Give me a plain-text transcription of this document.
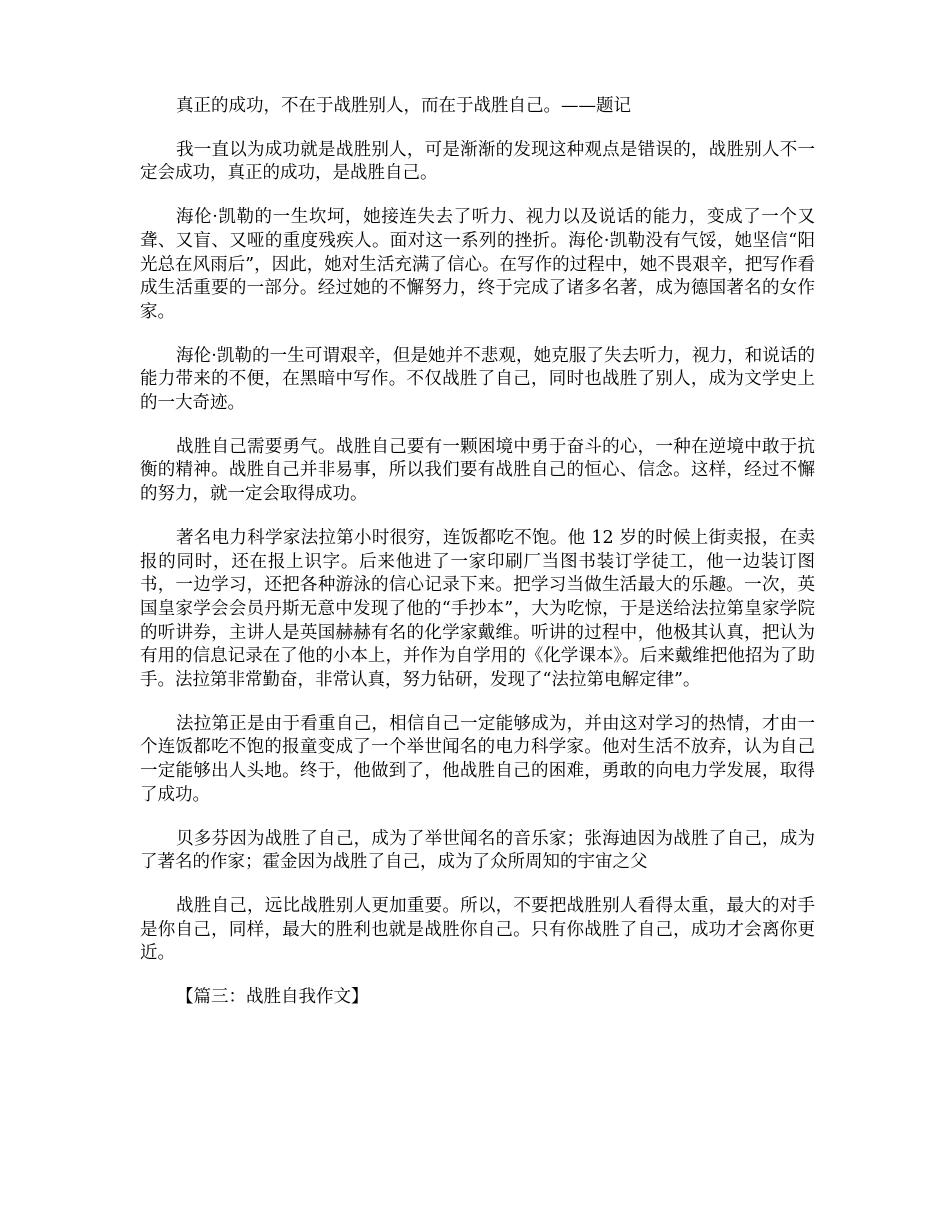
真正的成功，不在于战胜别人，而在于战胜自己。——题记

我一直以为成功就是战胜别人，可是渐渐的发现这种观点是错误的，战胜别人不一定会成功，真正的成功，是战胜自己。

海伦·凯勒的一生坎坷，她接连失去了听力、视力以及说话的能力，变成了一个又聋、又盲、又哑的重度残疾人。面对这一系列的挫折。海伦·凯勒没有气馁，她坚信“阳光总在风雨后”，因此，她对生活充满了信心。在写作的过程中，她不畏艰辛，把写作看成生活重要的一部分。经过她的不懈努力，终于完成了诸多名著，成为德国著名的女作家。

海伦·凯勒的一生可谓艰辛，但是她并不悲观，她克服了失去听力，视力，和说话的能力带来的不便，在黑暗中写作。不仅战胜了自己，同时也战胜了别人，成为文学史上的一大奇迹。

战胜自己需要勇气。战胜自己要有一颗困境中勇于奋斗的心，一种在逆境中敢于抗衡的精神。战胜自己并非易事，所以我们要有战胜自己的恒心、信念。这样，经过不懈的努力，就一定会取得成功。

著名电力科学家法拉第小时很穷，连饭都吃不饱。他 12 岁的时候上街卖报，在卖报的同时，还在报上识字。后来他进了一家印刷厂当图书装订学徒工，他一边装订图书，一边学习，还把各种游泳的信心记录下来。把学习当做生活最大的乐趣。一次，英国皇家学会会员丹斯无意中发现了他的“手抄本”，大为吃惊，于是送给法拉第皇家学院的听讲券，主讲人是英国赫赫有名的化学家戴维。听讲的过程中，他极其认真，把认为有用的信息记录在了他的小本上，并作为自学用的《化学课本》。后来戴维把他招为了助手。法拉第非常勤奋，非常认真，努力钻研，发现了“法拉第电解定律”。

法拉第正是由于看重自己，相信自己一定能够成为，并由这对学习的热情，才由一个连饭都吃不饱的报童变成了一个举世闻名的电力科学家。他对生活不放弃，认为自己一定能够出人头地。终于，他做到了，他战胜自己的困难，勇敢的向电力学发展，取得了成功。

贝多芬因为战胜了自己，成为了举世闻名的音乐家；张海迪因为战胜了自己，成为了著名的作家；霍金因为战胜了自己，成为了众所周知的宇宙之父

战胜自己，远比战胜别人更加重要。所以，不要把战胜别人看得太重，最大的对手是你自己，同样，最大的胜利也就是战胜你自己。只有你战胜了自己，成功才会离你更近。

【篇三：战胜自我作文】
